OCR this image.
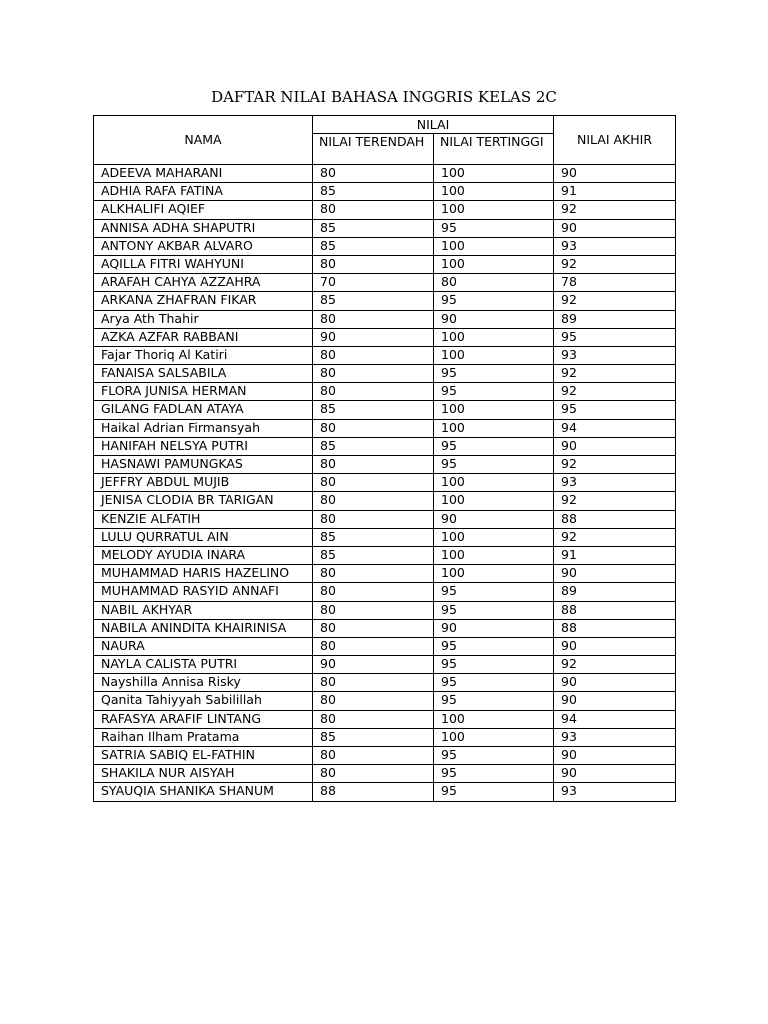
DAFTAR NILAI BAHASA INGGRIS KELAS 2C
NAMA	NILAI		NILAI AKHIR
	NILAI TERENDAH	NILAI TERTINGGI	
ADEEVA MAHARANI	80	100	90
ADHIA RAFA FATINA	85	100	91
ALKHALIFI AQIEF	80	100	92
ANNISA ADHA SHAPUTRI	85	95	90
ANTONY AKBAR ALVARO	85	100	93
AQILLA FITRI WAHYUNI	80	100	92
ARAFAH CAHYA AZZAHRA	70	80	78
ARKANA ZHAFRAN FIKAR	85	95	92
Arya Ath Thahir	80	90	89
AZKA AZFAR RABBANI	90	100	95
Fajar Thoriq Al Katiri	80	100	93
FANAISA SALSABILA	80	95	92
FLORA JUNISA HERMAN	80	95	92
GILANG FADLAN ATAYA	85	100	95
Haikal Adrian Firmansyah	80	100	94
HANIFAH NELSYA PUTRI	85	95	90
HASNAWI PAMUNGKAS	80	95	92
JEFFRY ABDUL MUJIB	80	100	93
JENISA CLODIA BR TARIGAN	80	100	92
KENZIE ALFATIH	80	90	88
LULU QURRATUL AIN	85	100	92
MELODY AYUDIA INARA	85	100	91
MUHAMMAD HARIS HAZELINO	80	100	90
MUHAMMAD RASYID ANNAFI	80	95	89
NABIL AKHYAR	80	95	88
NABILA ANINDITA KHAIRINISA	80	90	88
NAURA	80	95	90
NAYLA CALISTA PUTRI	90	95	92
Nayshilla Annisa Risky	80	95	90
Qanita Tahiyyah Sabilillah	80	95	90
RAFASYA ARAFIF LINTANG	80	100	94
Raihan Ilham Pratama	85	100	93
SATRIA SABIQ EL-FATHIN	80	95	90
SHAKILA NUR AISYAH	80	95	90
SYAUQIA SHANIKA SHANUM	88	95	93
